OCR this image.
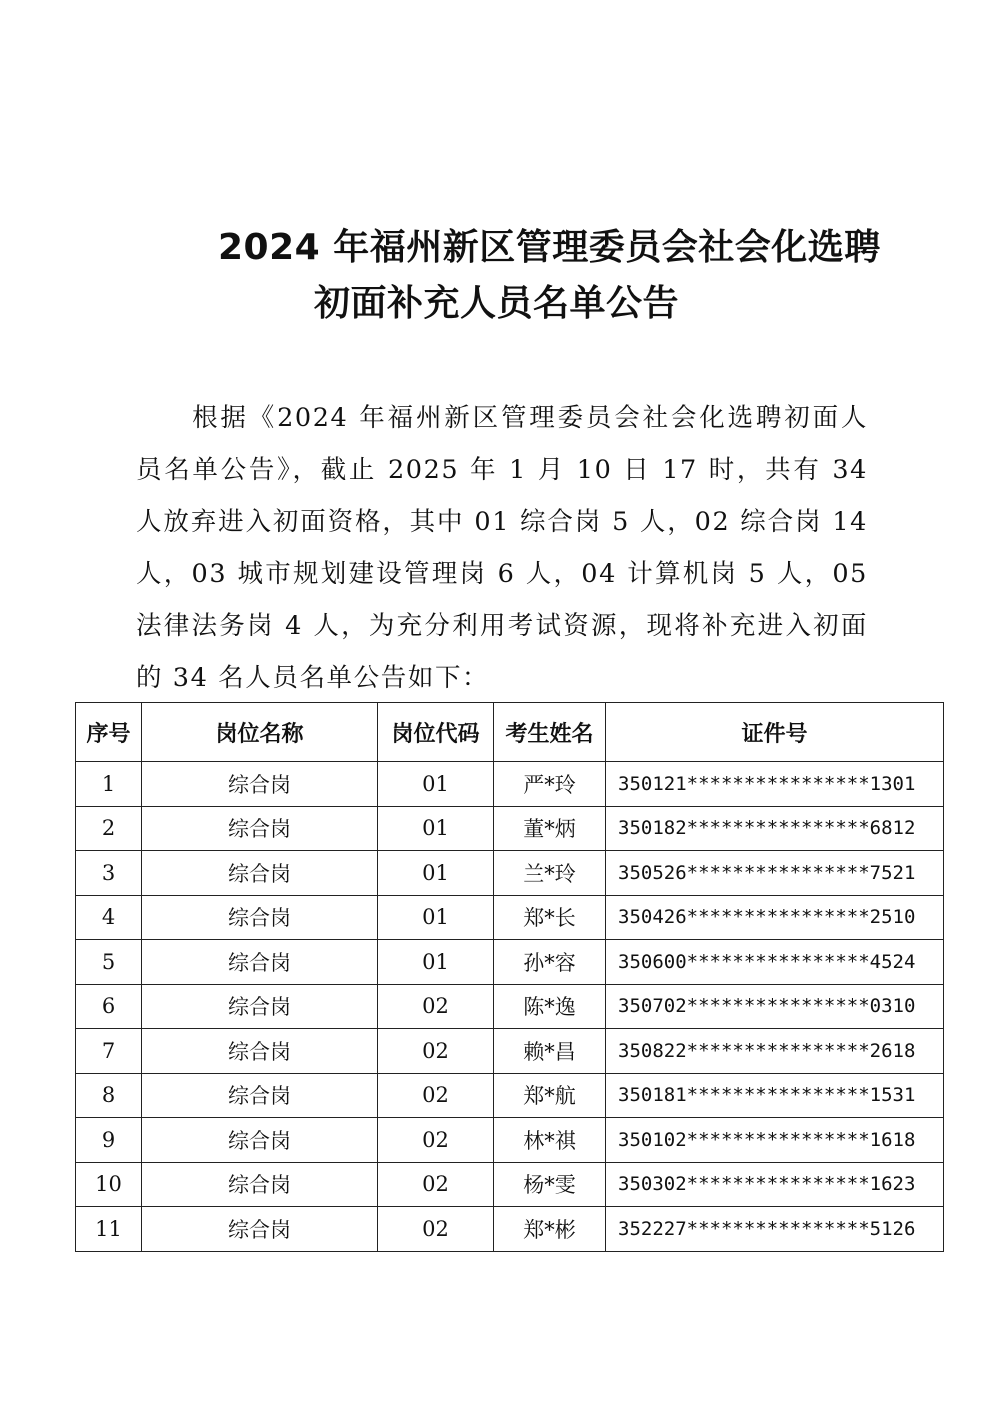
2024 年福州新区管理委员会社会化选聘
初面补充人员名单公告

根据《2024 年福州新区管理委员会社会化选聘初面人员名单公告》，截止 2025 年 1 月 10 日 17 时，共有 34 人放弃进入初面资格，其中 01 综合岗 5 人，02 综合岗 14 人，03 城市规划建设管理岗 6 人，04 计算机岗 5 人，05 法律法务岗 4 人，为充分利用考试资源，现将补充进入初面的 34 名人员名单公告如下：

序号	岗位名称	岗位代码	考生姓名	证件号
1	综合岗	01	严*玲	350121****************1301
2	综合岗	01	董*炳	350182****************6812
3	综合岗	01	兰*玲	350526****************7521
4	综合岗	01	郑*长	350426****************2510
5	综合岗	01	孙*容	350600****************4524
6	综合岗	02	陈*逸	350702****************0310
7	综合岗	02	赖*昌	350822****************2618
8	综合岗	02	郑*航	350181****************1531
9	综合岗	02	林*祺	350102****************1618
10	综合岗	02	杨*雯	350302****************1623
11	综合岗	02	郑*彬	352227****************5126
